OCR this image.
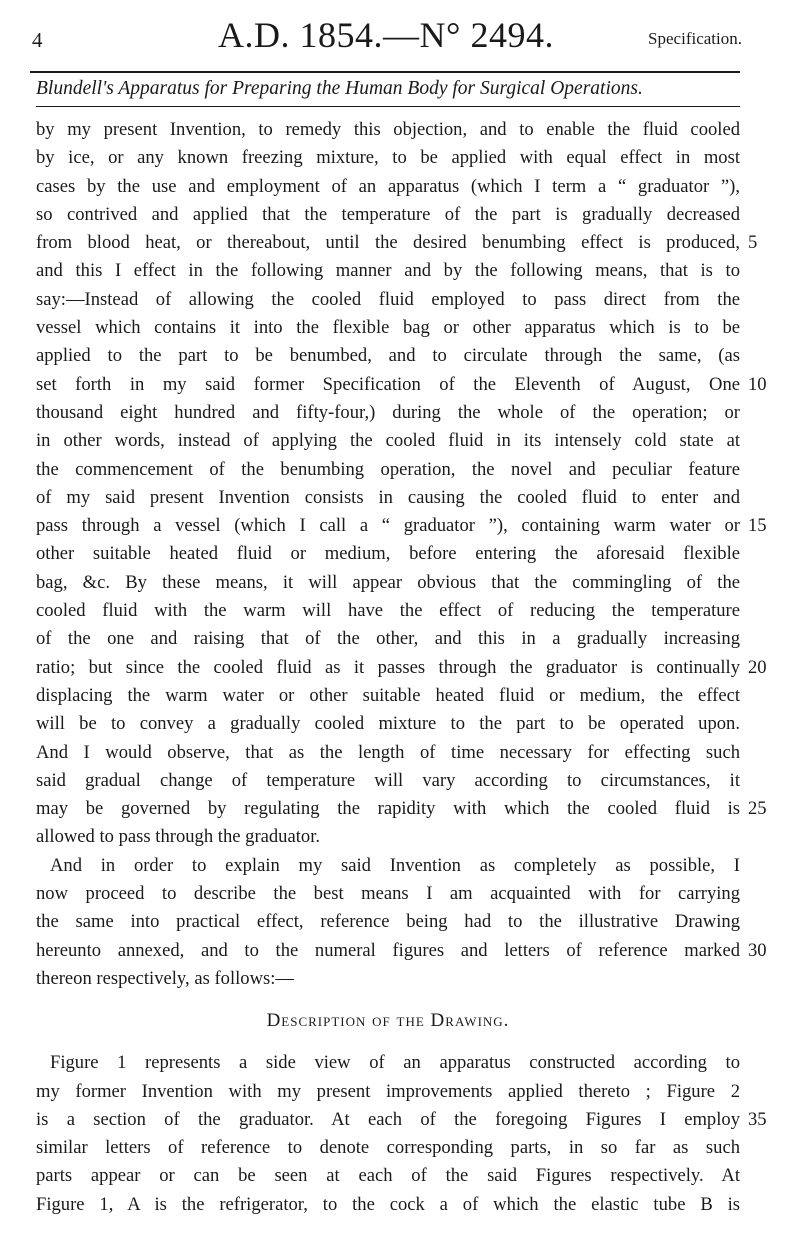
4	A.D. 1854.—N° 2494.	Specification.
Blundell's Apparatus for Preparing the Human Body for Surgical Operations.
by my present Invention, to remedy this objection, and to enable the fluid cooled
by ice, or any known freezing mixture, to be applied with equal effect in most
cases by the use and employment of an apparatus (which I term a “ graduator ”),
so contrived and applied that the temperature of the part is gradually decreased
from blood heat, or thereabout, until the desired benumbing effect is produced,
and this I effect in the following manner and by the following means, that is to
say:—Instead of allowing the cooled fluid employed to pass direct from the
vessel which contains it into the flexible bag or other apparatus which is to be
applied to the part to be benumbed, and to circulate through the same, (as
set forth in my said former Specification of the Eleventh of August, One
thousand eight hundred and fifty-four,) during the whole of the operation; or
in other words, instead of applying the cooled fluid in its intensely cold state at
the commencement of the benumbing operation, the novel and peculiar feature
of my said present Invention consists in causing the cooled fluid to enter and
pass through a vessel (which I call a “ graduator ”), containing warm water or
other suitable heated fluid or medium, before entering the aforesaid flexible
bag, &c. By these means, it will appear obvious that the commingling of the
cooled fluid with the warm will have the effect of reducing the temperature
of the one and raising that of the other, and this in a gradually increasing
ratio; but since the cooled fluid as it passes through the graduator is continually
displacing the warm water or other suitable heated fluid or medium, the effect
will be to convey a gradually cooled mixture to the part to be operated upon.
And I would observe, that as the length of time necessary for effecting such
said gradual change of temperature will vary according to circumstances, it
may be governed by regulating the rapidity with which the cooled fluid is
allowed to pass through the graduator.
And in order to explain my said Invention as completely as possible, I
now proceed to describe the best means I am acquainted with for carrying
the same into practical effect, reference being had to the illustrative Drawing
hereunto annexed, and to the numeral figures and letters of reference marked
thereon respectively, as follows:—
Description of the Drawing.
Figure 1 represents a side view of an apparatus constructed according to
my former Invention with my present improvements applied thereto ; Figure 2
is a section of the graduator. At each of the foregoing Figures I employ
similar letters of reference to denote corresponding parts, in so far as such
parts appear or can be seen at each of the said Figures respectively. At
Figure 1, A is the refrigerator, to the cock a of which the elastic tube B is
5
10
15
20
25
30
35
